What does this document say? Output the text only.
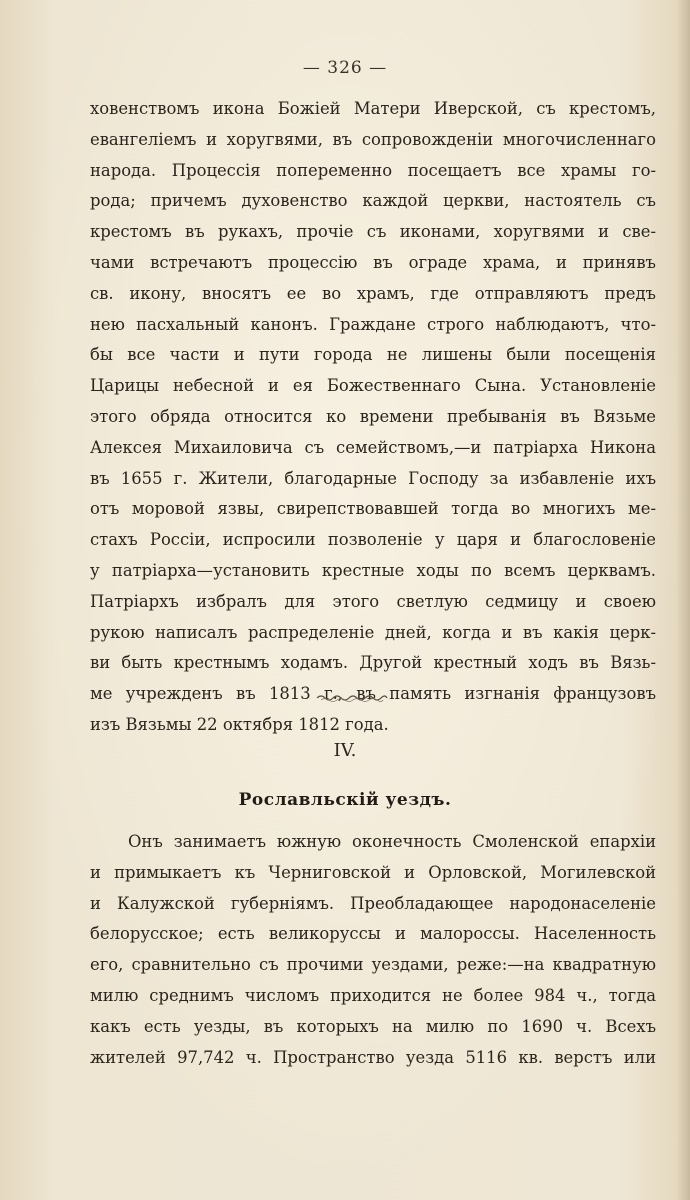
— 326 —
ховенствомъ икона Божіей Матери Иверской, съ крестомъ,
евангеліемъ и хоругвями, въ сопровожденіи многочисленнаго
народа. Процессія попеременно посещаетъ все храмы го-
рода; причемъ духовенство каждой церкви, настоятель съ
крестомъ въ рукахъ, прочіе съ иконами, хоругвями и све-
чами встречаютъ процессію въ ограде храма, и принявъ
св. икону, вносятъ ее во храмъ, где отправляютъ предъ
нею пасхальный канонъ. Граждане строго наблюдаютъ, что-
бы все части и пути города не лишены были посещенія
Царицы небесной и ея Божественнаго Сына. Установленіе
этого обряда относится ко времени пребыванія въ Вязьме
Алексея Михаиловича съ семействомъ,—и патріарха Никона
въ 1655 г. Жители, благодарные Господу за избавленіе ихъ
отъ моровой язвы, свирепствовавшей тогда во многихъ ме-
стахъ Россіи, испросили позволеніе у царя и благословеніе
у патріарха—установить крестные ходы по всемъ церквамъ.
Патріархъ избралъ для этого светлую седмицу и своею
рукою написалъ распределеніе дней, когда и въ какія церк-
ви быть крестнымъ ходамъ. Другой крестный ходъ въ Вязь-
ме учрежденъ въ 1813 г., въ память изгнанія французовъ
изъ Вязьмы 22 октября 1812 года.
IV.
Рославльскій уездъ.
Онъ занимаетъ южную оконечность Смоленской епархіи
и примыкаетъ къ Черниговской и Орловской, Могилевской
и Калужской губерніямъ. Преобладающее народонаселеніе
белорусское; есть великоруссы и малороссы. Населенность
его, сравнительно съ прочими уездами, реже:—на квадратную
милю среднимъ числомъ приходится не более 984 ч., тогда
какъ есть уезды, въ которыхъ на милю по 1690 ч. Всехъ
жителей 97,742 ч. Пространство уезда 5116 кв. верстъ или
